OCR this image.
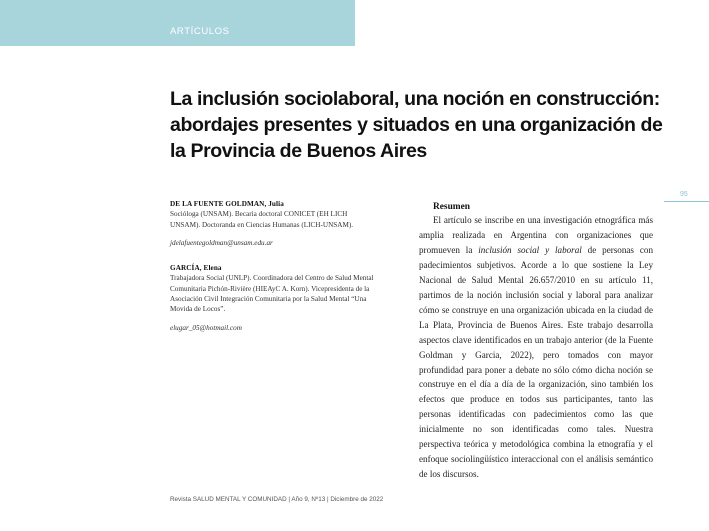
ARTÍCULOS
La inclusión sociolaboral, una noción en construcción: abordajes presentes y situados en una organización de la Provincia de Buenos Aires
95
DE LA FUENTE GOLDMAN, Julia
Socióloga (UNSAM). Becaria doctoral CONICET (EH LICH UNSAM). Doctoranda en Ciencias Humanas (LICH-UNSAM).
jdelafuentegoldman@unsam.edu.ar
GARCÍA, Elena
Trabajadora Social (UNLP). Coordinadora del Centro de Salud Mental Comunitaria Pichón-Rivière (HIEAyC A. Korn). Vicepresidenta de la Asociación Civil Integración Comunitaria por la Salud Mental “Una Movida de Locos”.
elugar_05@hotmail.com
Resumen

El artículo se inscribe en una investigación etnográfica más amplia realizada en Argentina con organizaciones que promueven la inclusión social y laboral de personas con padecimientos subjetivos. Acorde a lo que sostiene la Ley Nacional de Salud Mental 26.657/2010 en su artículo 11, partimos de la noción inclusión social y laboral para analizar cómo se construye en una organización ubicada en la ciudad de La Plata, Provincia de Buenos Aires. Este trabajo desarrolla aspectos clave identificados en un trabajo anterior (de la Fuente Goldman y Garcia, 2022), pero tomados con mayor profundidad para poner a debate no sólo cómo dicha noción se construye en el día a día de la organización, sino también los efectos que produce en todos sus participantes, tanto las personas identificadas con padecimientos como las que inicialmente no son identificadas como tales. Nuestra perspectiva teórica y metodológica combina la etnografía y el enfoque sociolingüístico interaccional con el análisis semántico de los discursos.

Revista SALUD MENTAL Y COMUNIDAD | Año 9, Nº13 | Diciembre de 2022
